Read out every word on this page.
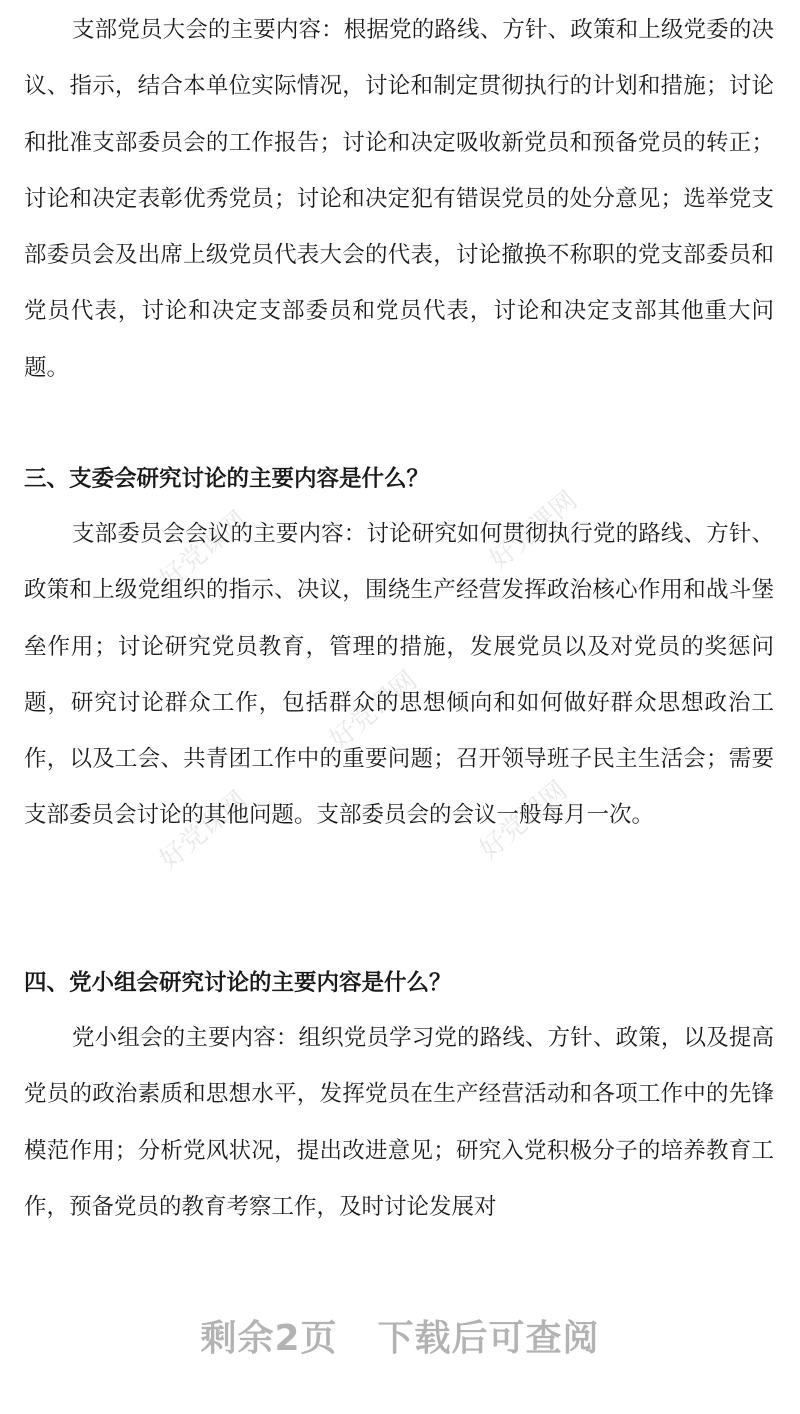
好党课网	好党课网
好党课网
好党课网	好党课网

支部党员大会的主要内容：根据党的路线、方针、政策和上级党委的决议、指示，结合本单位实际情况，讨论和制定贯彻执行的计划和措施；讨论和批准支部委员会的工作报告；讨论和决定吸收新党员和预备党员的转正；讨论和决定表彰优秀党员；讨论和决定犯有错误党员的处分意见；选举党支部委员会及出席上级党员代表大会的代表，讨论撤换不称职的党支部委员和党员代表，讨论和决定支部委员和党员代表，讨论和决定支部其他重大问题。

三、支委会研究讨论的主要内容是什么？

支部委员会会议的主要内容：讨论研究如何贯彻执行党的路线、方针、政策和上级党组织的指示、决议，围绕生产经营发挥政治核心作用和战斗堡垒作用；讨论研究党员教育，管理的措施，发展党员以及对党员的奖惩问题，研究讨论群众工作，包括群众的思想倾向和如何做好群众思想政治工作，以及工会、共青团工作中的重要问题；召开领导班子民主生活会；需要支部委员会讨论的其他问题。支部委员会的会议一般每月一次。

四、党小组会研究讨论的主要内容是什么？

党小组会的主要内容：组织党员学习党的路线、方针、政策，以及提高党员的政治素质和思想水平，发挥党员在生产经营活动和各项工作中的先锋模范作用；分析党风状况，提出改进意见；研究入党积极分子的培养教育工作，预备党员的教育考察工作，及时讨论发展对

剩余2页 下载后可查阅
